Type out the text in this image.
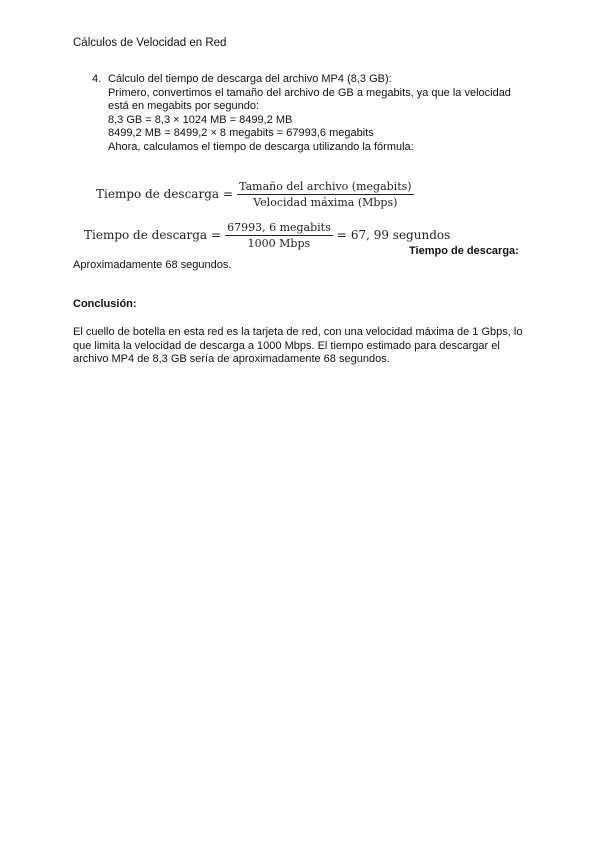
Cálculos de Velocidad en Red
4. Cálculo del tiempo de descarga del archivo MP4 (8,3 GB):
Primero, convertimos el tamaño del archivo de GB a megabits, ya que la velocidad
está en megabits por segundo:
8,3 GB = 8,3 × 1024 MB = 8499,2 MB
8499,2 MB = 8499,2 × 8 megabits = 67993,6 megabits
Ahora, calculamos el tiempo de descarga utilizando la fórmula:
Tiempo de descarga = $\frac{\text{Tamaño del archivo (megabits)}}{\text{Velocidad máxima (Mbps)}}$
Tiempo de descarga = $\frac{\text{67993, 6 megabits}}{\text{1000 Mbps}} = 67$, 99 segundos
Tiempo de descarga:
Aproximadamente 68 segundos.
Conclusión:
El cuello de botella en esta red es la tarjeta de red, con una velocidad máxima de 1 Gbps, lo
que limita la velocidad de descarga a 1000 Mbps. El tiempo estimado para descargar el
archivo MP4 de 8,3 GB sería de aproximadamente 68 segundos.
